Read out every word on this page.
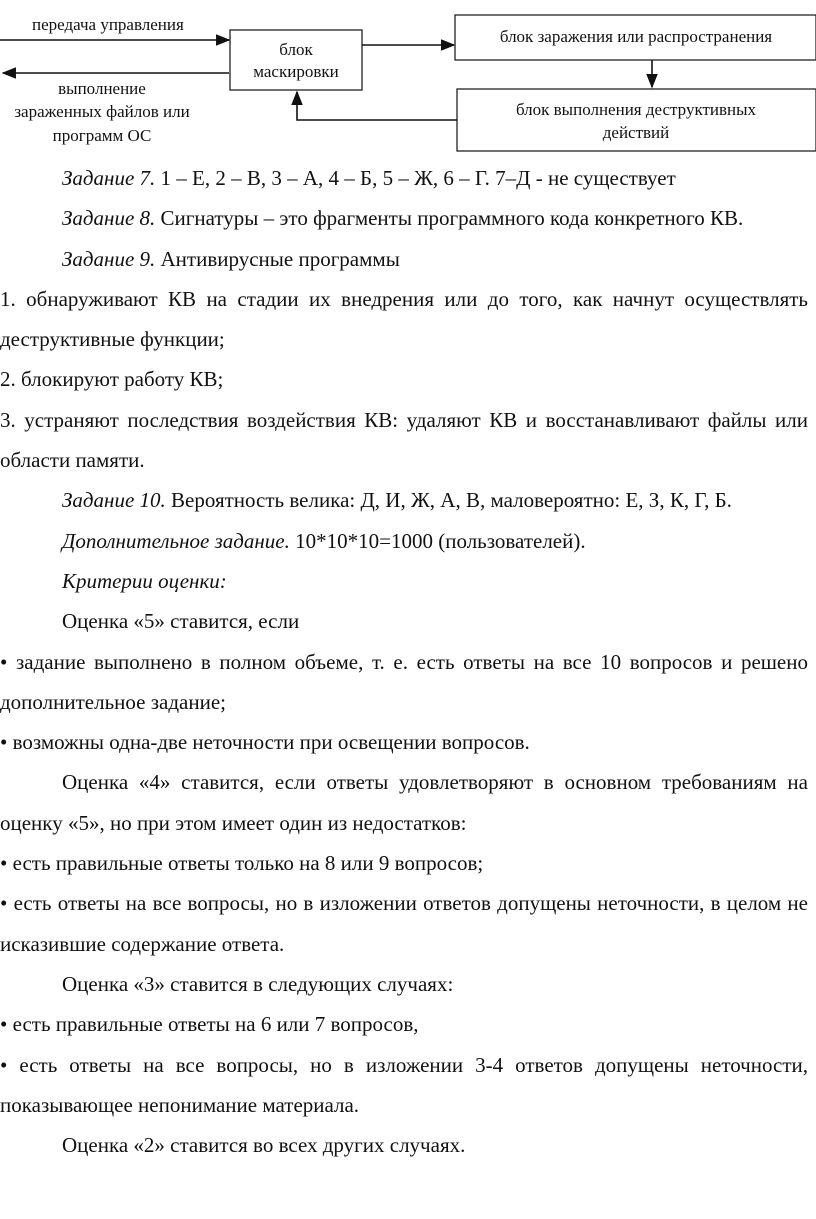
передача управления
блок
маскировки
выполнение
зараженных файлов или
программ ОС
блок заражения или распространения
блок выполнения деструктивных
действий

Задание 7. 1 – Е, 2 – В, 3 – А, 4 – Б, 5 – Ж, 6 – Г. 7–Д - не существует

Задание 8. Сигнатуры – это фрагменты программного кода конкретного КВ.

Задание 9. Антивирусные программы

1. обнаруживают КВ на стадии их внедрения или до того, как начнут осуществлять деструктивные функции;

2. блокируют работу КВ;

3. устраняют последствия воздействия КВ: удаляют КВ и восстанавливают файлы или области памяти.

Задание 10. Вероятность велика: Д, И, Ж, А, В, маловероятно: Е, З, К, Г, Б.

Дополнительное задание. 10*10*10=1000 (пользователей).

Критерии оценки:

Оценка «5» ставится, если

• задание выполнено в полном объеме, т. е. есть ответы на все 10 вопросов и решено дополнительное задание;

• возможны одна-две неточности при освещении вопросов.

Оценка «4» ставится, если ответы удовлетворяют в основном требованиям на оценку «5», но при этом имеет один из недостатков:

• есть правильные ответы только на 8 или 9 вопросов;

• есть ответы на все вопросы, но в изложении ответов допущены неточности, в целом не исказившие содержание ответа.

Оценка «3» ставится в следующих случаях:

• есть правильные ответы на 6 или 7 вопросов,

• есть ответы на все вопросы, но в изложении 3-4 ответов допущены неточности, показывающее непонимание материала.

Оценка «2» ставится во всех других случаях.
